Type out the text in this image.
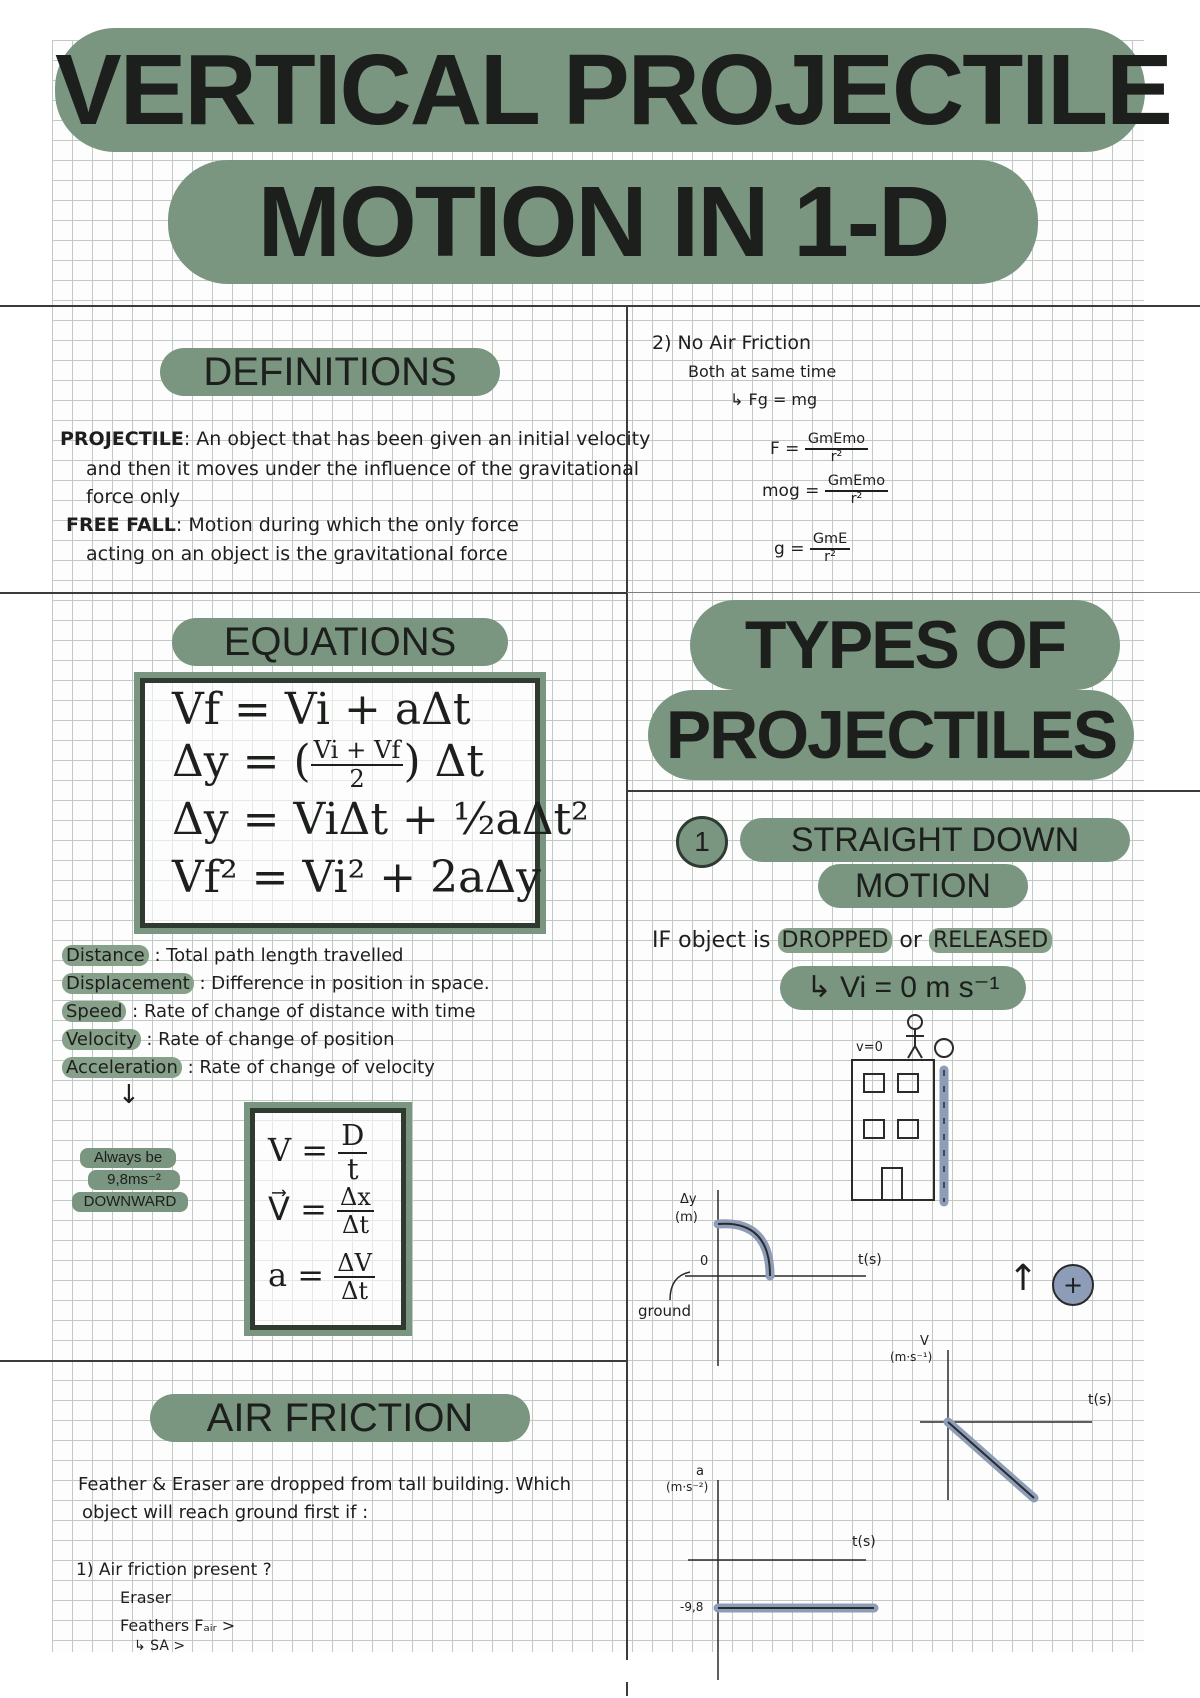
VERTICAL PROJECTILE
MOTION IN 1-D
DEFINITIONS
PROJECTILE: An object that has been given an initial velocity
and then it moves under the influence of the gravitational
force only
FREE FALL: Motion during which the only force
acting on an object is the gravitational force
EQUATIONS
Vf = Vi + aΔt
Δy = ( $\frac{Vi + Vf}{2}$ ) Δt
Δy = ViΔt + ½aΔt²
Vf² = Vi² + 2aΔy
Distance : Total path length travelled
Displacement : Difference in position in space.
Speed : Rate of change of distance with time
Velocity : Rate of change of position
Acceleration : Rate of change of velocity
↓
Always be
9,8ms⁻²
DOWNWARD
$V = \frac{D}{t}$
V⃗ = $\frac{\Delta x}{\Delta t}$
$a = \frac{\Delta V}{\Delta t}$
AIR FRICTION
Feather & Eraser are dropped from tall building. Which
object will reach ground first if :
1) Air friction present ?
Eraser
Feathers Fₐᵢᵣ >
↳ SA >
2) No Air Friction
Both at same time
↳ Fg = mg
$F = \frac{\text{GmEmo}}{\text{r²}}$
mog = $\frac{\text{GmEmo}}{\text{r²}}$
$g = \frac{\text{GmE}}{\text{r²}}$
TYPES OF
PROJECTILES
1	STRAIGHT DOWN
MOTION
IF object is DROPPED or RELEASED
↳ Vi = 0 m s⁻¹
v=0
↑	+
Δy
(m)
0	t(s)
ground
V
(m·s⁻¹)
t(s)
a
(m·s⁻²)
t(s)
-9,8
